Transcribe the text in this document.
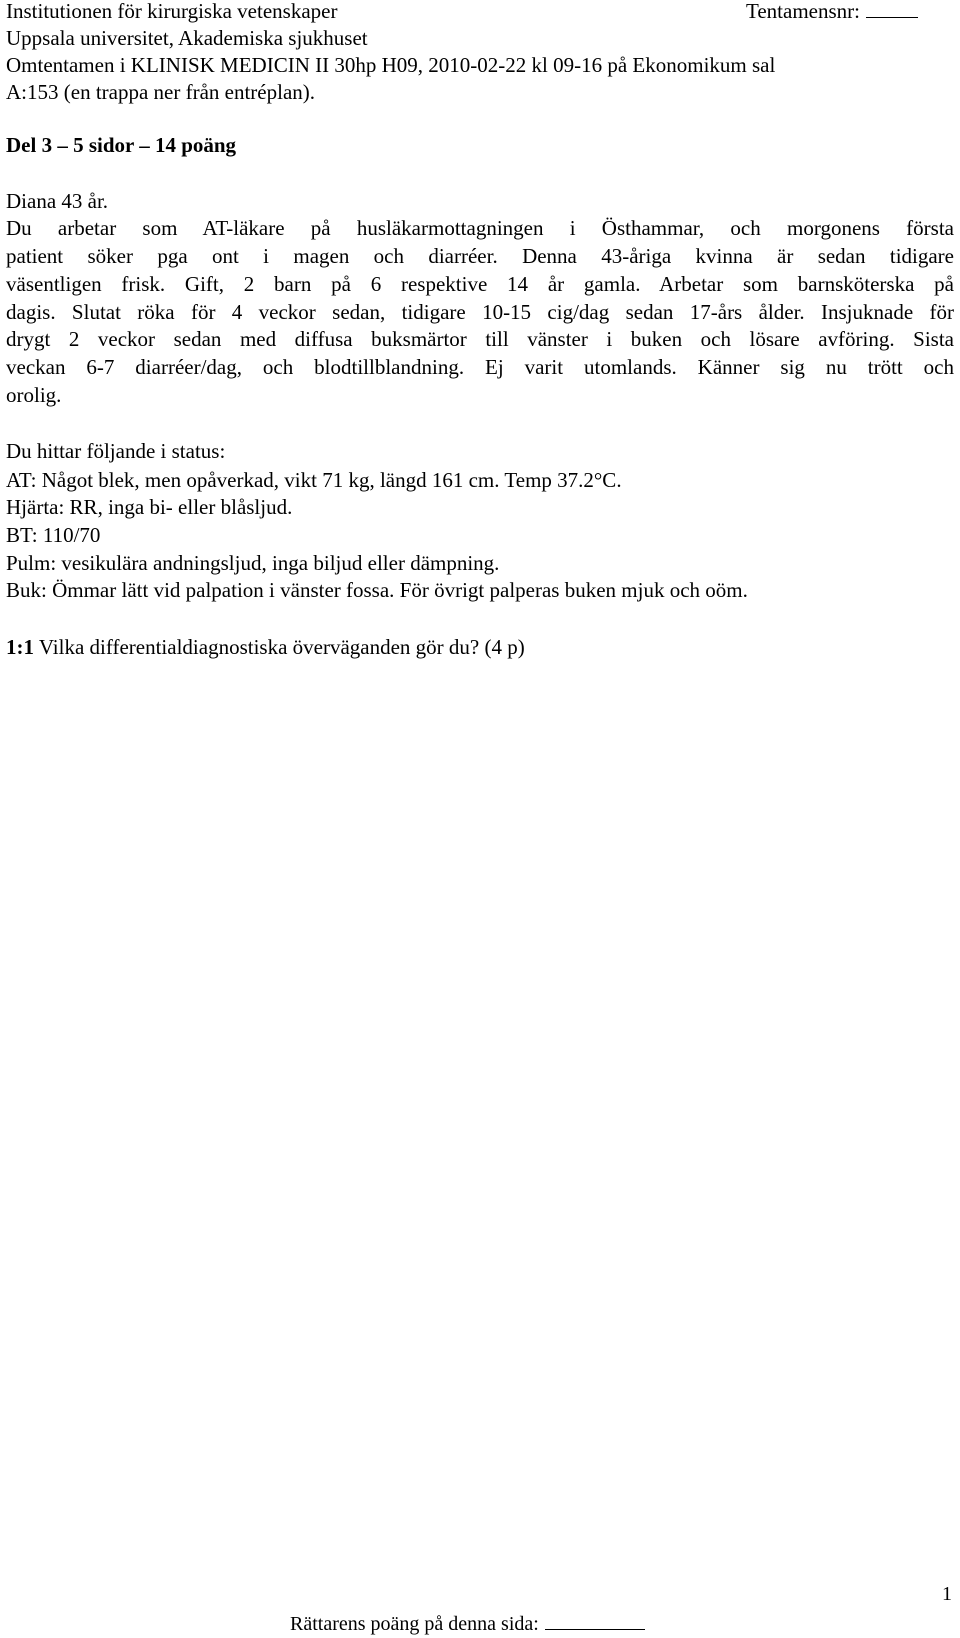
Institutionen för kirurgiska vetenskaper	Tentamensnr:
Uppsala universitet, Akademiska sjukhuset
Omtentamen i KLINISK MEDICIN II 30hp H09, 2010-02-22 kl 09-16 på Ekonomikum sal
A:153 (en trappa ner från entréplan).
Del 3 – 5 sidor – 14 poäng
Diana 43 år.
Du arbetar som AT-läkare på husläkarmottagningen i Östhammar, och morgonens första
patient söker pga ont i magen och diarréer. Denna 43-åriga kvinna är sedan tidigare
väsentligen frisk. Gift, 2 barn på 6 respektive 14 år gamla. Arbetar som barnsköterska på
dagis. Slutat röka för 4 veckor sedan, tidigare 10-15 cig/dag sedan 17-års ålder. Insjuknade för
drygt 2 veckor sedan med diffusa buksmärtor till vänster i buken och lösare avföring. Sista
veckan 6-7 diarréer/dag, och blodtillblandning. Ej varit utomlands. Känner sig nu trött och
orolig.
Du hittar följande i status:
AT: Något blek, men opåverkad, vikt 71 kg, längd 161 cm. Temp 37.2°C.
Hjärta: RR, inga bi- eller blåsljud.
BT: 110/70
Pulm: vesikulära andningsljud, inga biljud eller dämpning.
Buk: Ömmar lätt vid palpation i vänster fossa. För övrigt palperas buken mjuk och oöm.
1:1 Vilka differentialdiagnostiska överväganden gör du? (4 p)
1
Rättarens poäng på denna sida:
